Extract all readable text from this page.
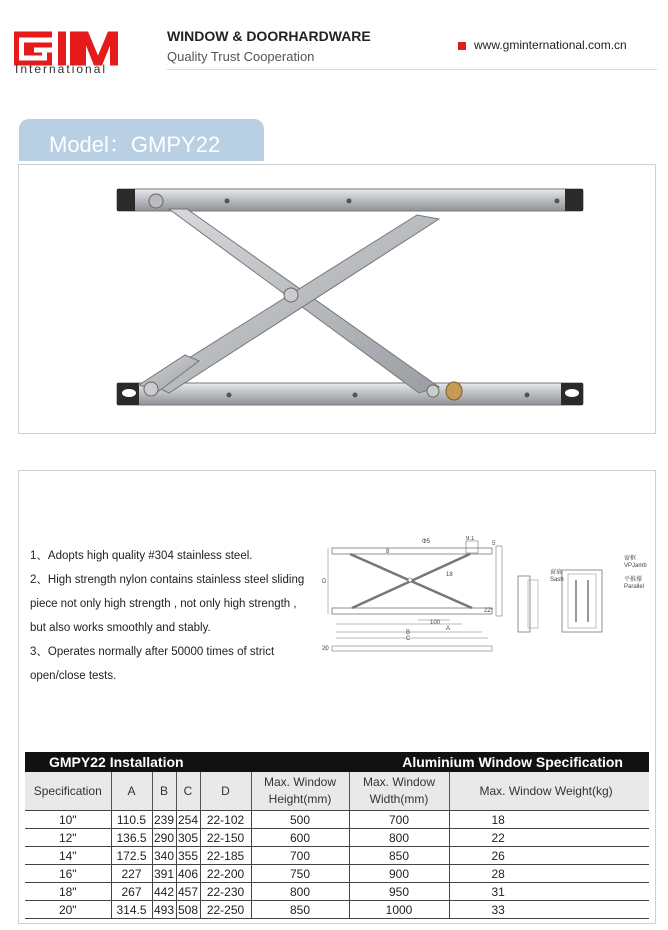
International
WINDOW & DOORHARDWARE
Quality Trust Cooperation
www.gminternational.com.cn
Model：GMPY22

1、Adopts high quality #304 stainless steel.

2、High strength nylon contains stainless steel sliding

piece not only high strength , not only high strength ,

but also works smoothly and stably.

3、Operates normally after 50000 times of strict

open/close tests.

Φ5	9.1
5
8
18
D
22°
100
A
B
C
20
窗扇
Sash
窗框
VPJamb
平推撑
Parallel
GMPY22 Installation					Aluminium Window Specification		
Specification	A	B	C	D	Max. Window Height(mm)	Max. Window Width(mm)	Max. Window Weight(kg)
10"	110.5	239	254	22-102	500	700	18
12"	136.5	290	305	22-150	600	800	22
14"	172.5	340	355	22-185	700	850	26
16"	227	391	406	22-200	750	900	28
18"	267	442	457	22-230	800	950	31
20"	314.5	493	508	22-250	850	1000	33
